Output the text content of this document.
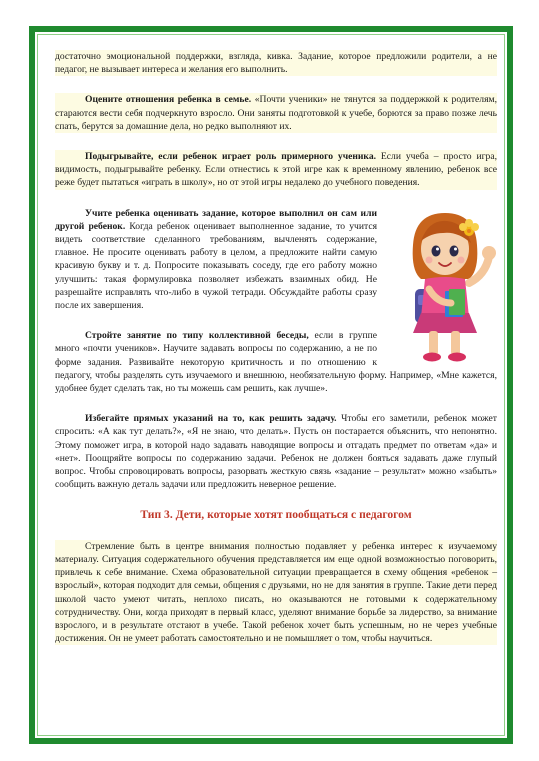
достаточно эмоциональной поддержки, взгляда, кивка. Задание, которое предложили родители, а не педагог, не вызывает интереса и желания его выполнить.

Оцените отношения ребенка в семье. «Почти ученики» не тянутся за поддержкой к родителям, стараются вести себя подчеркнуто взросло. Они заняты подготовкой к учебе, борются за право позже лечь спать, берутся за домашние дела, но редко выполняют их.

Подыгрывайте, если ребенок играет роль примерного ученика. Если учеба – просто игра, видимость, подыгрывайте ребенку. Если отнестись к этой игре как к временному явлению, ребенок все реже будет пытаться «играть в школу», но от этой игры недалеко до учебного поведения.

Учите ребенка оценивать задание, которое выполнил он сам или другой ребенок. Когда ребенок оценивает выполненное задание, то учится видеть соответствие сделанного требованиям, вычленять содержание, главное. Не просите оценивать работу в целом, а предложите найти самую красивую букву и т. д. Попросите показывать соседу, где его работу можно улучшить: такая формулировка позволяет избежать взаимных обид. Не разрешайте исправлять что-либо в чужой тетради. Обсуждайте работы сразу после их завершения.

Стройте занятие по типу коллективной беседы, если в группе много «почти учеников». Научите задавать вопросы по содержанию, а не по форме задания. Развивайте некоторую критичность и по отношению к педагогу, чтобы разделять суть изучаемого и внешнюю, необязательную форму. Например, «Мне кажется, удобнее будет сделать так, но ты можешь сам решить, как лучше».

Избегайте прямых указаний на то, как решить задачу. Чтобы его заметили, ребенок может спросить: «А как тут делать?», «Я не знаю, что делать». Пусть он постарается объяснить, что непонятно. Этому поможет игра, в которой надо задавать наводящие вопросы и отгадать предмет по ответам «да» и «нет». Поощряйте вопросы по содержанию задачи. Ребенок не должен бояться задавать даже глупый вопрос. Чтобы спровоцировать вопросы, разорвать жесткую связь «задание – результат» можно «забыть» сообщить важную деталь задачи или предложить неверное решение.

Тип 3. Дети, которые хотят пообщаться с педагогом

Стремление быть в центре внимания полностью подавляет у ребенка интерес к изучаемому материалу. Ситуация содержательного обучения представляется им еще одной возможностью поговорить, привлечь к себе внимание. Схема образовательной ситуации превращается в схему общения «ребенок – взрослый», которая подходит для семьи, общения с друзьями, но не для занятия в группе. Такие дети перед школой часто умеют читать, неплохо писать, но оказываются не готовыми к содержательному сотрудничеству. Они, когда приходят в первый класс, уделяют внимание борьбе за лидерство, за внимание взрослого, и в результате отстают в учебе. Такой ребенок хочет быть успешным, но не через учебные достижения. Он не умеет работать самостоятельно и не помышляет о том, чтобы научиться.
